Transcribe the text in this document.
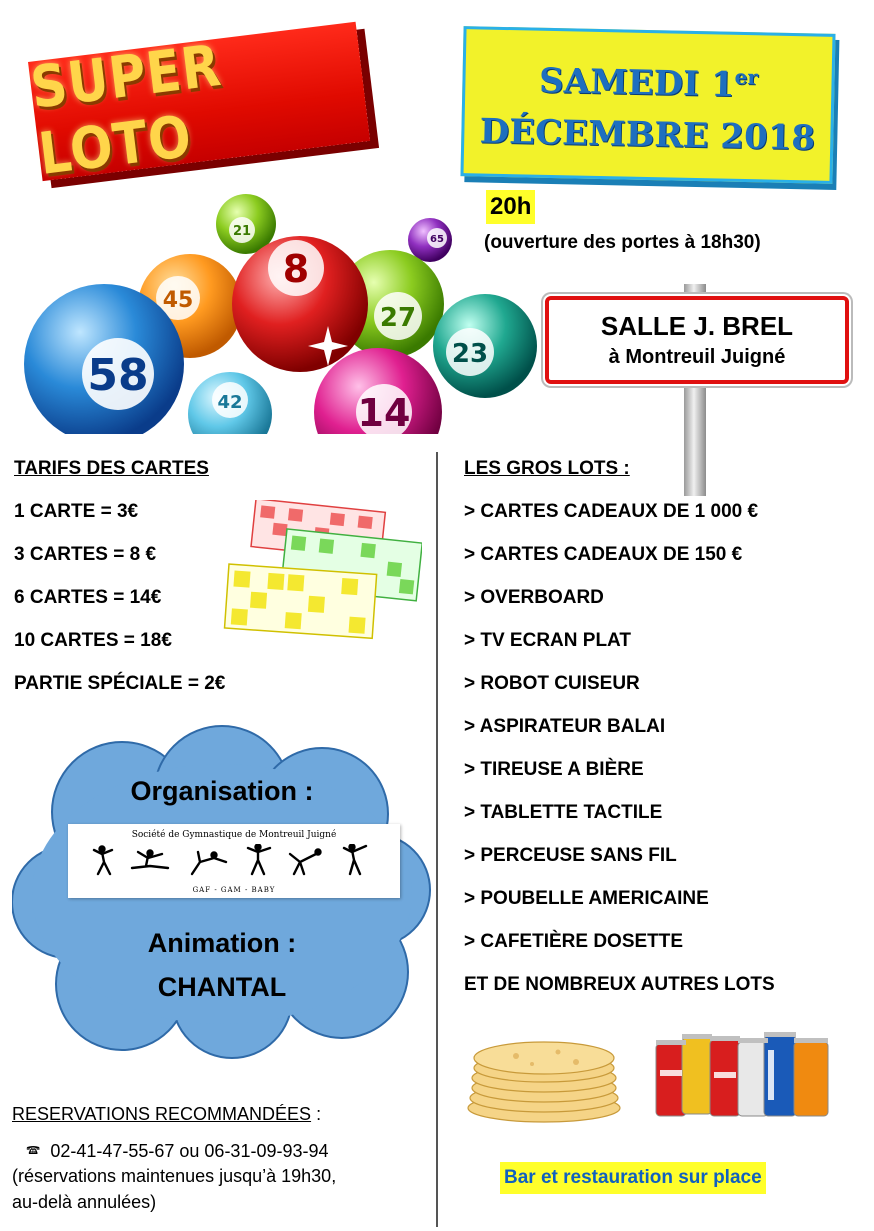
SUPER LOTO
SAMEDI 1er
DÉCEMBRE 2018
20h
(ouverture des portes à 18h30)
SALLE J. BREL
à Montreuil Juigné
45
21
65
27
23
8
42	14
58
TARIFS DES CARTES
1 CARTE = 3€
3 CARTES = 8 €
6 CARTES = 14€
10 CARTES = 18€
PARTIE SPÉCIALE = 2€
LES GROS LOTS :
> CARTES CADEAUX DE 1 000 €
> CARTES CADEAUX DE 150 €
> OVERBOARD
> TV ECRAN PLAT
> ROBOT CUISEUR
> ASPIRATEUR BALAI
> TIREUSE A BIÈRE
> TABLETTE TACTILE
> PERCEUSE SANS FIL
> POUBELLE AMERICAINE
> CAFETIÈRE DOSETTE
ET DE NOMBREUX AUTRES LOTS
Organisation :
Société de Gymnastique de Montreuil Juigné
GAF - GAM - BABY
Animation :
CHANTAL
RESERVATIONS RECOMMANDÉES :
🕿 02-41-47-55-67 ou 06-31-09-93-94
(réservations maintenues jusqu’à 19h30,
au-delà annulées)
Bar et restauration sur place
